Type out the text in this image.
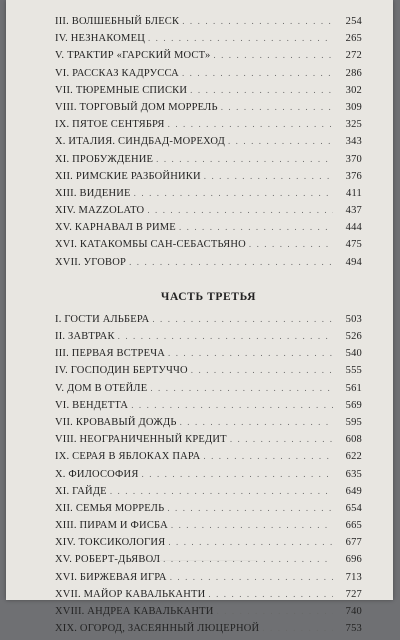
III. ВОЛШЕБНЫЙ БЛЕСК . . .	254
IV. НЕЗНАКОМЕЦ . . .	265
V. ТРАКТИР «ГАРСКИЙ МОСТ» . . .	272
VI. РАССКАЗ КАДРУССА . . .	286
VII. ТЮРЕМНЫЕ СПИСКИ . . .	302
VIII. ТОРГОВЫЙ ДОМ МОРРЕЛЬ . . .	309
IX. ПЯТОЕ СЕНТЯБРЯ . . .	325
X. ИТАЛИЯ. СИНДБАД-МОРЕХОД . . .	343
XI. ПРОБУЖДЕНИЕ . . .	370
XII. РИМСКИЕ РАЗБОЙНИКИ . . .	376
XIII. ВИДЕНИЕ . . .	411
XIV. MAZZOLATO . . .	437
XV. КАРНАВАЛ В РИМЕ . . .	444
XVI. КАТАКОМБЫ САН-СЕБАСТЬЯНО . . .	475
XVII. УГОВОР . . .	494
ЧАСТЬ ТРЕТЬЯ
I. ГОСТИ АЛЬБЕРА . . .	503
II. ЗАВТРАК . . .	526
III. ПЕРВАЯ ВСТРЕЧА . . .	540
IV. ГОСПОДИН БЕРТУЧЧО . . .	555
V. ДОМ В ОТЕЙЛЕ . . .	561
VI. ВЕНДЕТТА . . .	569
VII. КРОВАВЫЙ ДОЖДЬ . . .	595
VIII. НЕОГРАНИЧЕННЫЙ КРЕДИТ . . .	608
IX. СЕРАЯ В ЯБЛОКАХ ПАРА . . .	622
X. ФИЛОСОФИЯ . . .	635
XI. ГАЙДЕ . . .	649
XII. СЕМЬЯ МОРРЕЛЬ . . .	654
XIII. ПИРАМ И ФИСБА . . .	665
XIV. ТОКСИКОЛОГИЯ . . .	677
XV. РОБЕРТ-ДЬЯВОЛ . . .	696
XVI. БИРЖЕВАЯ ИГРА . . .	713
XVII. МАЙОР КАВАЛЬКАНТИ . . .	727
XVIII. АНДРЕА КАВАЛЬКАНТИ . . .	740
XIX. ОГОРОД, ЗАСЕЯННЫЙ ЛЮЦЕРНОЙ . . .	753
